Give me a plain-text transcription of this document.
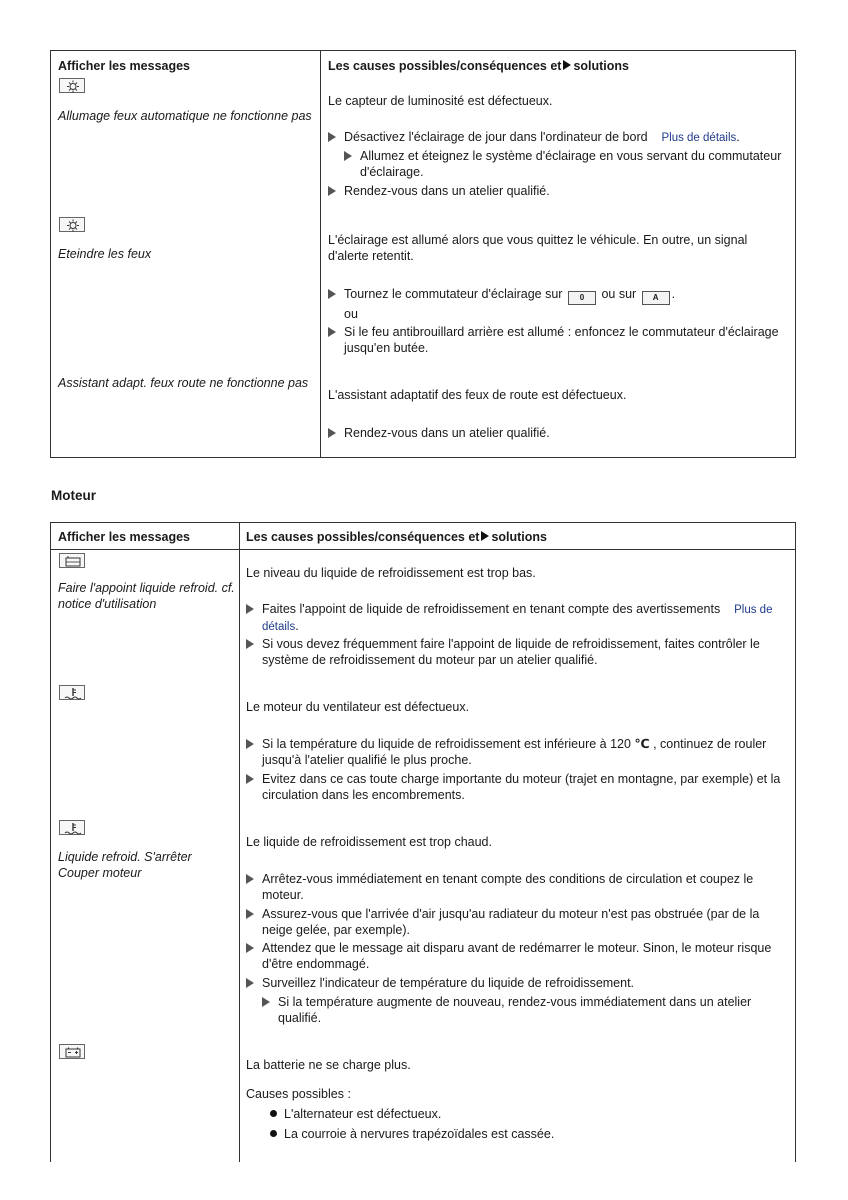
Afficher les messages	Les causes possibles/conséquences et solutions
Allumage feux automatique ne fonctionne pas
Le capteur de luminosité est défectueux.
Désactivez l'éclairage de jour dans l'ordinateur de bord Plus de détails.
Allumez et éteignez le système d'éclairage en vous servant du commutateur d'éclairage.
Rendez-vous dans un atelier qualifié.
Eteindre les feux
L'éclairage est allumé alors que vous quittez le véhicule. En outre, un signal d'alerte retentit.
Tournez le commutateur d'éclairage sur 0 ou sur A .
ou
Si le feu antibrouillard arrière est allumé : enfoncez le commutateur d'éclairage jusqu'en butée.
Assistant adapt. feux route ne fonctionne pas
L'assistant adaptatif des feux de route est défectueux.
Rendez-vous dans un atelier qualifié.
Moteur
Afficher les messages	Les causes possibles/conséquences et solutions
Faire l'appoint liquide refroid. cf. notice d'utilisation
Le niveau du liquide de refroidissement est trop bas.
Faites l'appoint de liquide de refroidissement en tenant compte des avertissements Plus de détails.
Si vous devez fréquemment faire l'appoint de liquide de refroidissement, faites contrôler le système de refroidissement du moteur par un atelier qualifié.
Le moteur du ventilateur est défectueux.
Si la température du liquide de refroidissement est inférieure à 120 ℃ , continuez de rouler jusqu'à l'atelier qualifié le plus proche.
Evitez dans ce cas toute charge importante du moteur (trajet en montagne, par exemple) et la circulation dans les encombrements.
Liquide refroid. S'arrêter Couper moteur
Le liquide de refroidissement est trop chaud.
Arrêtez-vous immédiatement en tenant compte des conditions de circulation et coupez le moteur.
Assurez-vous que l'arrivée d'air jusqu'au radiateur du moteur n'est pas obstruée (par de la neige gelée, par exemple).
Attendez que le message ait disparu avant de redémarrer le moteur. Sinon, le moteur risque d'être endommagé.
Surveillez l'indicateur de température du liquide de refroidissement.
Si la température augmente de nouveau, rendez-vous immédiatement dans un atelier qualifié.
La batterie ne se charge plus.
Causes possibles :
L'alternateur est défectueux.
La courroie à nervures trapézoïdales est cassée.
